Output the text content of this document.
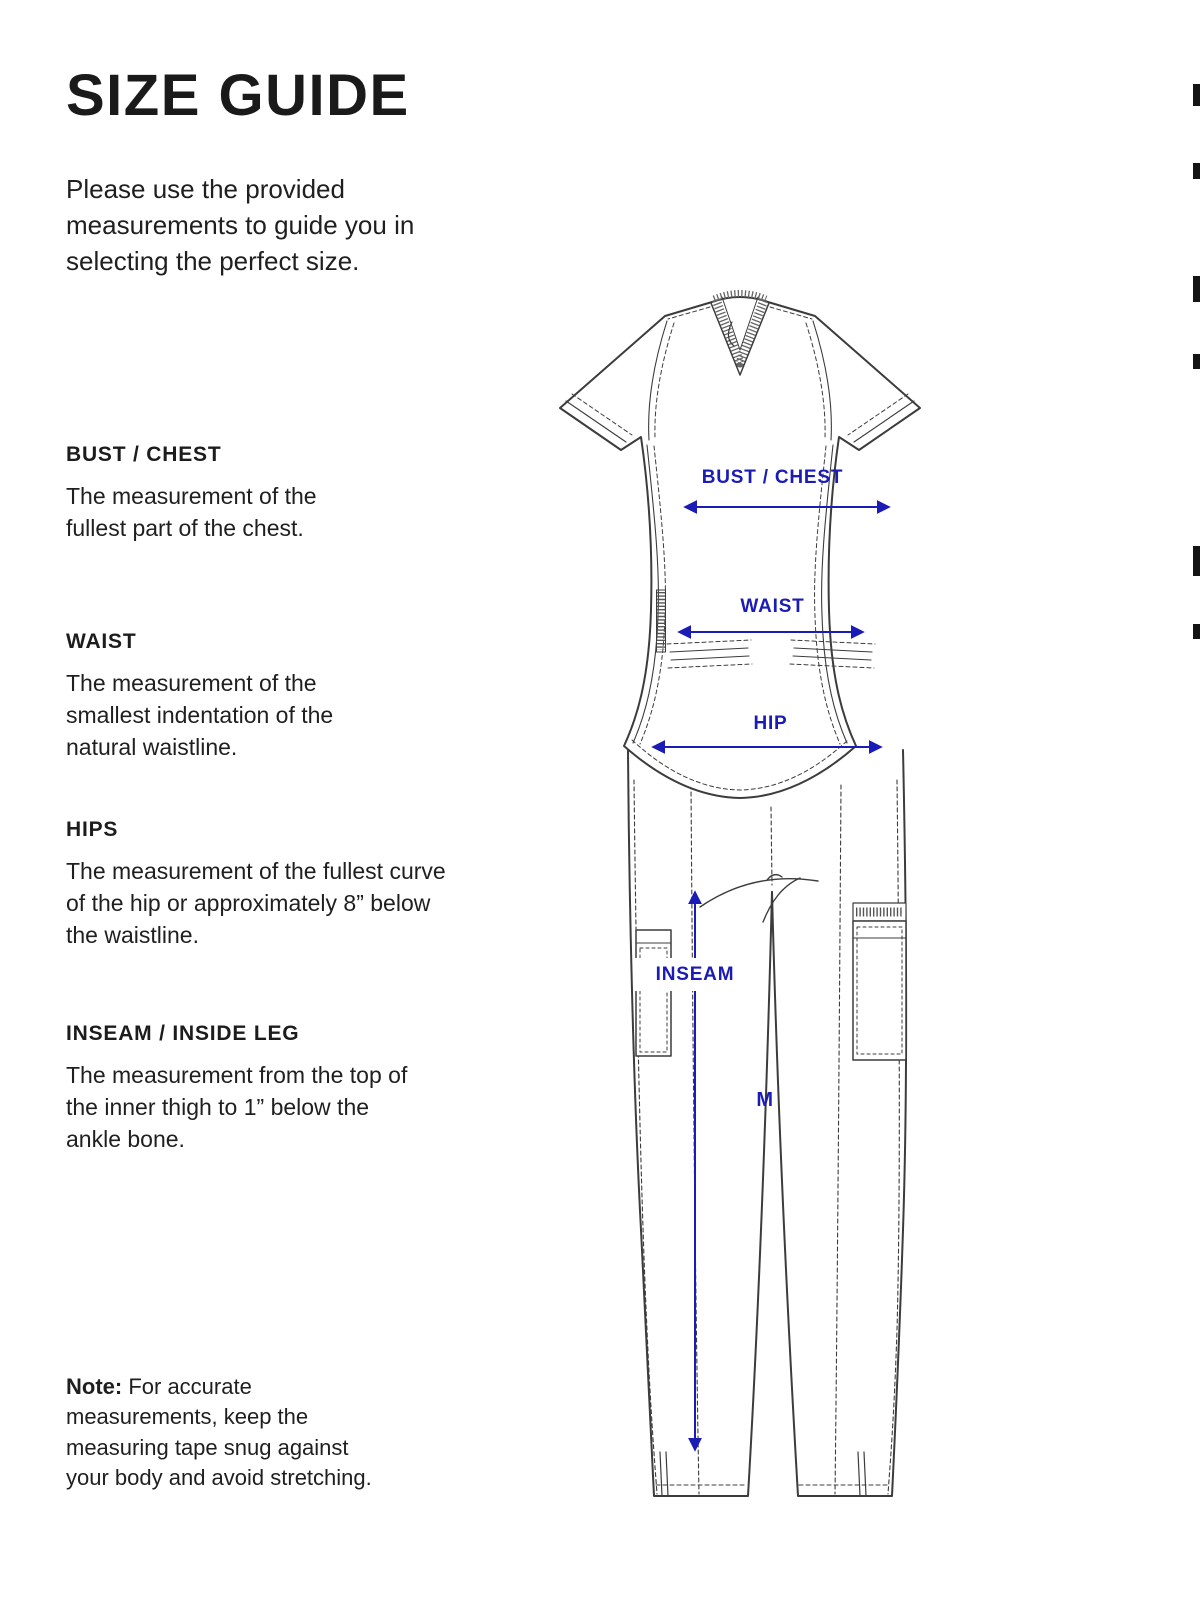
SIZE GUIDE

Please use the provided measurements to guide you in selecting the perfect size.

BUST / CHEST

The measurement of the fullest part of the chest.

WAIST

The measurement of the smallest indentation of the natural waistline.

HIPS

The measurement of the fullest curve of the hip or approximately 8” below the waistline.

INSEAM / INSIDE LEG

The measurement from the top of the inner thigh to 1” below the ankle bone.

Note: For accurate measurements, keep the measuring tape snug against your body and avoid stretching.

BUST / CHEST
WAIST
HIP
INSEAM
M
